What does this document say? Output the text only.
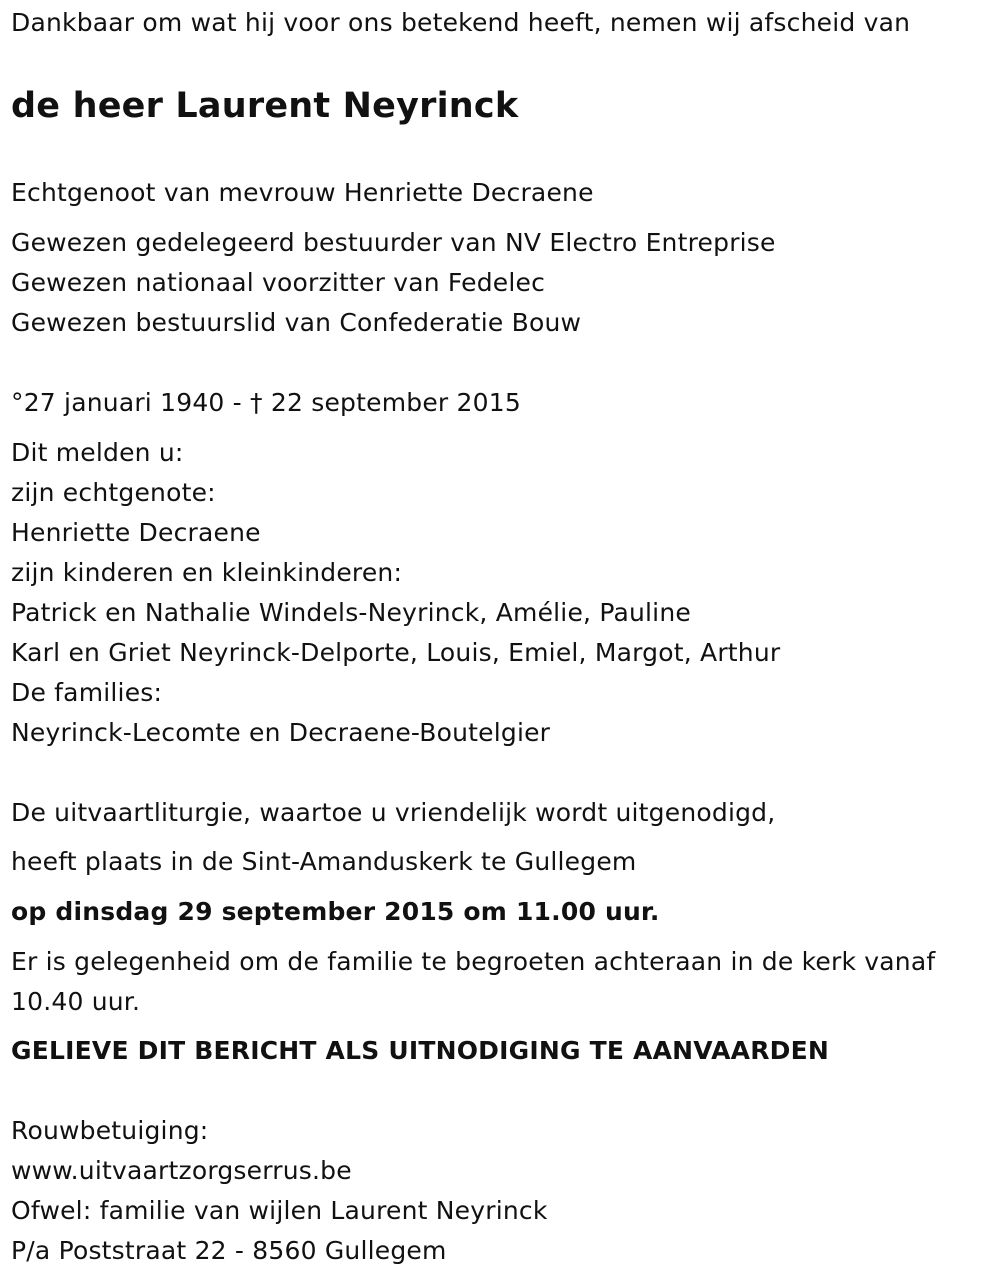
Dankbaar om wat hij voor ons betekend heeft, nemen wij afscheid van
de heer Laurent Neyrinck
Echtgenoot van mevrouw Henriette Decraene
Gewezen gedelegeerd bestuurder van NV Electro Entreprise
Gewezen nationaal voorzitter van Fedelec
Gewezen bestuurslid van Confederatie Bouw
°27 januari 1940 - † 22 september 2015
Dit melden u:
zijn echtgenote:
Henriette Decraene
zijn kinderen en kleinkinderen:
Patrick en Nathalie Windels-Neyrinck, Amélie, Pauline
Karl en Griet Neyrinck-Delporte, Louis, Emiel, Margot, Arthur
De families:
Neyrinck-Lecomte en Decraene-Boutelgier
De uitvaartliturgie, waartoe u vriendelijk wordt uitgenodigd,
heeft plaats in de Sint-Amanduskerk te Gullegem
op dinsdag 29 september 2015 om 11.00 uur.
Er is gelegenheid om de familie te begroeten achteraan in de kerk vanaf 10.40 uur.
GELIEVE DIT BERICHT ALS UITNODIGING TE AANVAARDEN
Rouwbetuiging:
www.uitvaartzorgserrus.be
Ofwel: familie van wijlen Laurent Neyrinck
P/a Poststraat 22 - 8560 Gullegem
